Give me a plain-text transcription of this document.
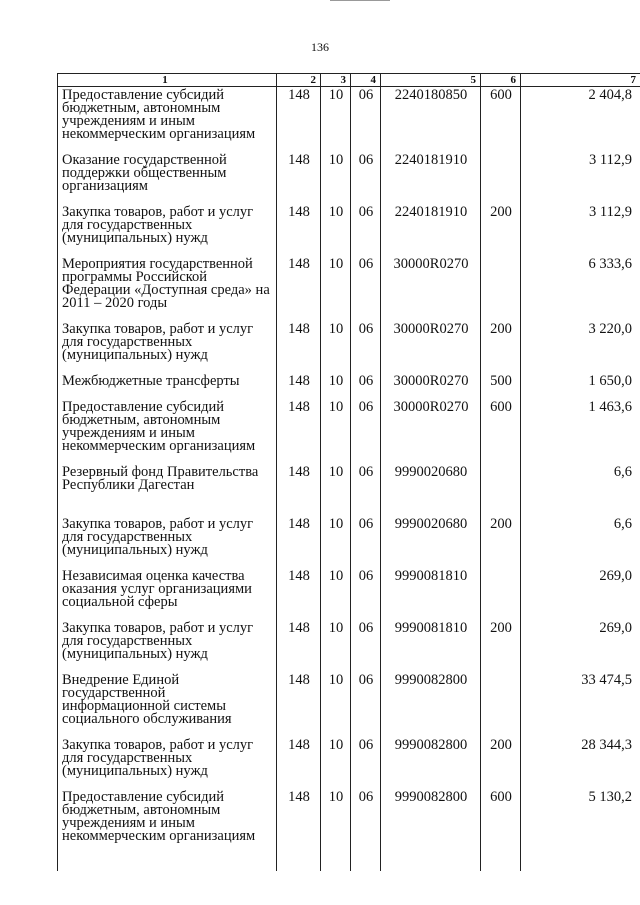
136
1	2	3	4	5	6	7
Предоставление субсидий бюджетным, автономным учреждениям и иным некоммерческим организациям	148	10	06	2240180850	600	2 404,8
Оказание государственной поддержки общественным организациям	148	10	06	2240181910		3 112,9
Закупка товаров, работ и услуг для государственных (муниципальных) нужд	148	10	06	2240181910	200	3 112,9
Мероприятия государственной программы Российской Федерации «Доступная среда» на 2011 – 2020 годы	148	10	06	30000R0270		6 333,6
Закупка товаров, работ и услуг для государственных (муниципальных) нужд	148	10	06	30000R0270	200	3 220,0
Межбюджетные трансферты	148	10	06	30000R0270	500	1 650,0
Предоставление субсидий бюджетным, автономным учреждениям и иным некоммерческим организациям	148	10	06	30000R0270	600	1 463,6
Резервный фонд Правительства Республики Дагестан	148	10	06	9990020680		6,6
Закупка товаров, работ и услуг для государственных (муниципальных) нужд	148	10	06	9990020680	200	6,6
Независимая оценка качества оказания услуг организациями социальной сферы	148	10	06	9990081810		269,0
Закупка товаров, работ и услуг для государственных (муниципальных) нужд	148	10	06	9990081810	200	269,0
Внедрение Единой государственной информационной системы социального обслуживания	148	10	06	9990082800		33 474,5
Закупка товаров, работ и услуг для государственных (муниципальных) нужд	148	10	06	9990082800	200	28 344,3
Предоставление субсидий бюджетным, автономным учреждениям и иным некоммерческим организациям	148	10	06	9990082800	600	5 130,2
